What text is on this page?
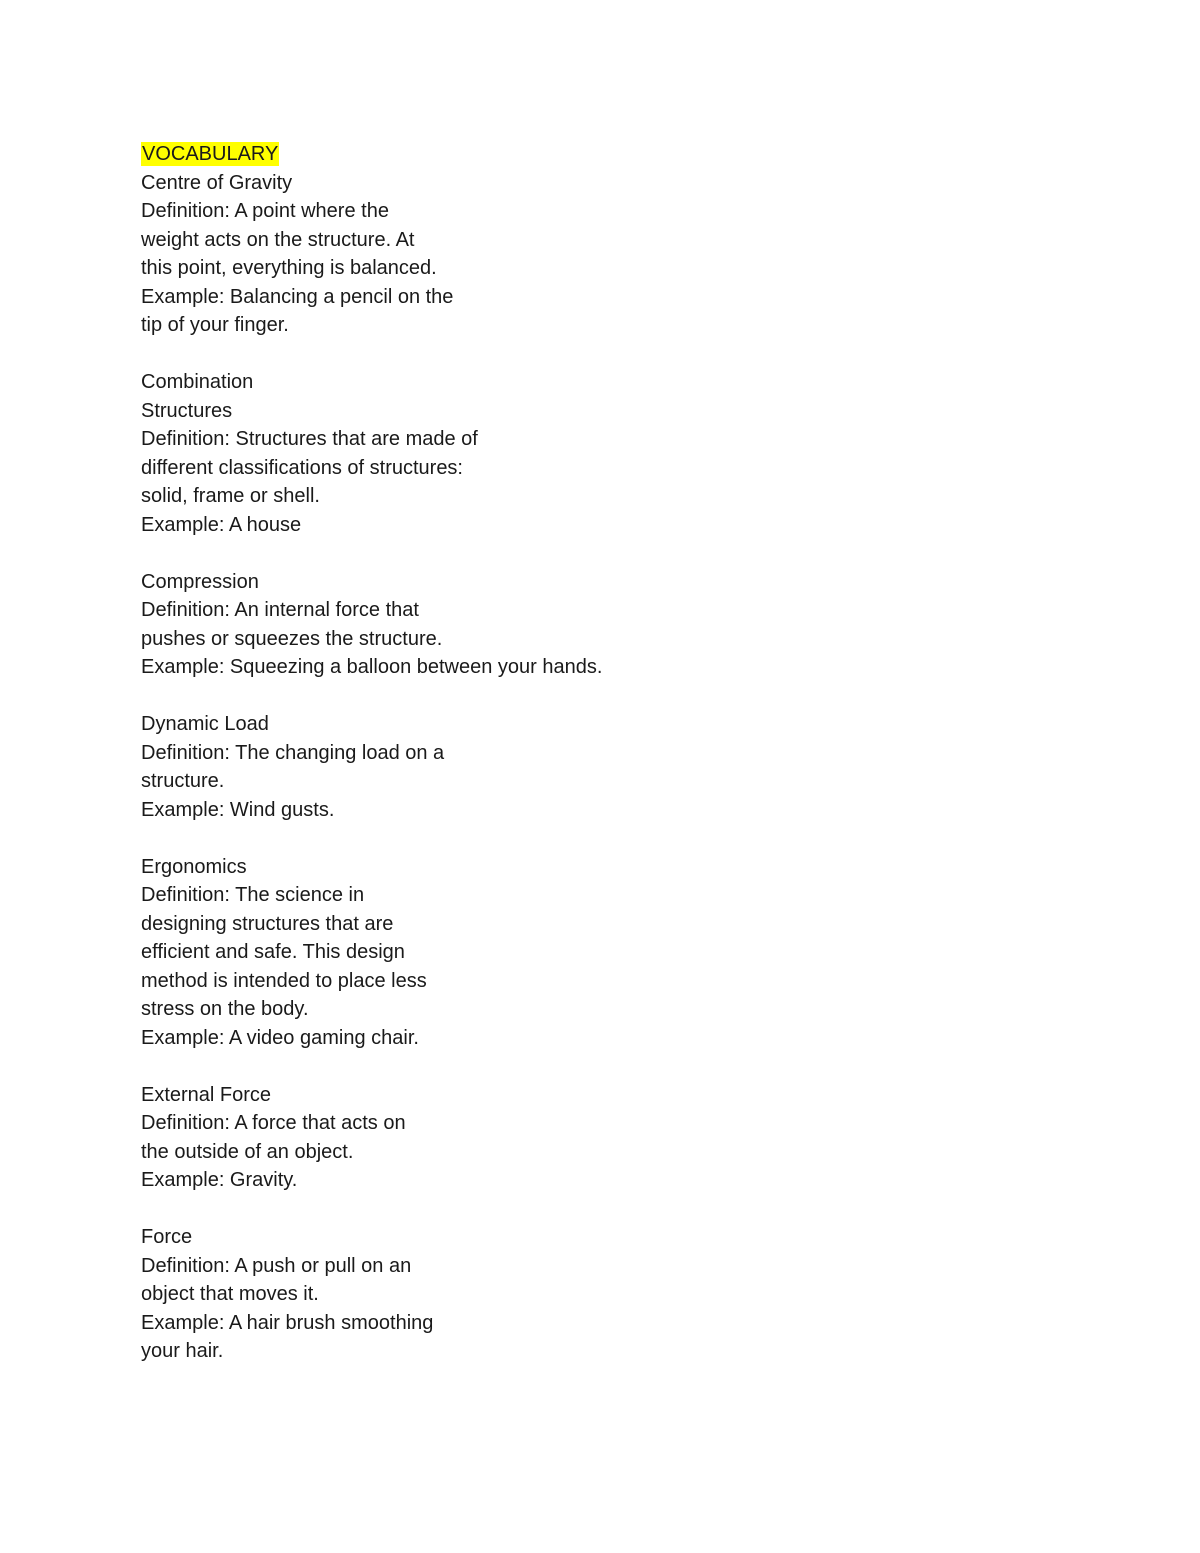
VOCABULARY
Centre of Gravity
Definition: A point where the
weight acts on the structure. At
this point, everything is balanced.
Example: Balancing a pencil on the
tip of your finger.
Combination
Structures
Definition: Structures that are made of
different classifications of structures:
solid, frame or shell.
Example: A house
Compression
Definition: An internal force that
pushes or squeezes the structure.
Example: Squeezing a balloon between your hands.
Dynamic Load
Definition: The changing load on a
structure.
Example: Wind gusts.
Ergonomics
Definition: The science in
designing structures that are
efficient and safe. This design
method is intended to place less
stress on the body.
Example: A video gaming chair.
External Force
Definition: A force that acts on
the outside of an object.
Example: Gravity.
Force
Definition: A push or pull on an
object that moves it.
Example: A hair brush smoothing
your hair.
